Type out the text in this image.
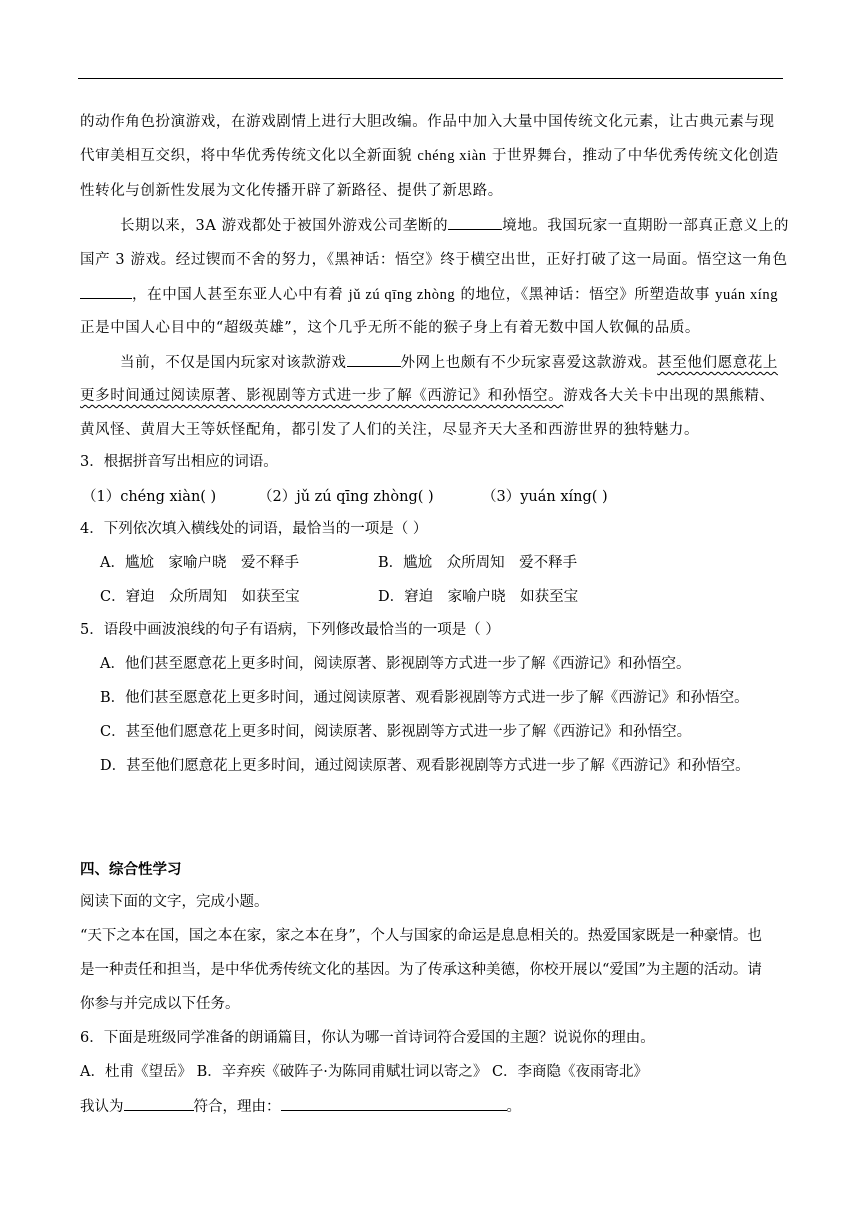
的动作角色扮演游戏，在游戏剧情上进行大胆改编。作品中加入大量中国传统文化元素，让古典元素与现
代审美相互交织，将中华优秀传统文化以全新面貌 chéng xiàn 于世界舞台，推动了中华优秀传统文化创造
性转化与创新性发展为文化传播开辟了新路径、提供了新思路。
长期以来，3A 游戏都处于被国外游戏公司垄断的	境地。我国玩家一直期盼一部真正意义上的
国产 3 游戏。经过锲而不舍的努力，《黑神话：悟空》终于横空出世，正好打破了这一局面。悟空这一角色
，在中国人甚至东亚人心中有着 jǔ zú qīng zhòng 的地位，《黑神话：悟空》所塑造故事 yuán xíng
正是中国人心目中的“超级英雄”，这个几乎无所不能的猴子身上有着无数中国人钦佩的品质。
当前，不仅是国内玩家对该款游戏	外网上也颇有不少玩家喜爱这款游戏。甚至他们愿意花上
更多时间通过阅读原著、影视剧等方式进一步了解《西游记》和孙悟空。游戏各大关卡中出现的黑熊精、
黄风怪、黄眉大王等妖怪配角，都引发了人们的关注，尽显齐天大圣和西游世界的独特魅力。
3．根据拼音写出相应的词语。
（1）chéng xiàn( )	（2）jǔ zú qīng zhòng( )	（3）yuán xíng( )
4．下列依次填入横线处的词语，最恰当的一项是（ ）
A．尴尬　家喻户晓　爱不释手	B．尴尬　众所周知　爱不释手
C．窘迫　众所周知　如获至宝	D．窘迫　家喻户晓　如获至宝
5．语段中画波浪线的句子有语病，下列修改最恰当的一项是（ ）
A．他们甚至愿意花上更多时间，阅读原著、影视剧等方式进一步了解《西游记》和孙悟空。
B．他们甚至愿意花上更多时间，通过阅读原著、观看影视剧等方式进一步了解《西游记》和孙悟空。
C．甚至他们愿意花上更多时间，阅读原著、影视剧等方式进一步了解《西游记》和孙悟空。
D．甚至他们愿意花上更多时间，通过阅读原著、观看影视剧等方式进一步了解《西游记》和孙悟空。
四、综合性学习
阅读下面的文字，完成小题。
“天下之本在国，国之本在家，家之本在身”，个人与国家的命运是息息相关的。热爱国家既是一种豪情。也
是一种责任和担当，是中华优秀传统文化的基因。为了传承这种美德，你校开展以“爱国”为主题的活动。请
你参与并完成以下任务。
6．下面是班级同学准备的朗诵篇目，你认为哪一首诗词符合爱国的主题？说说你的理由。
A．杜甫《望岳》 B．辛弃疾《破阵子·为陈同甫赋壮词以寄之》 C．李商隐《夜雨寄北》
我认为	符合，理由：	。
